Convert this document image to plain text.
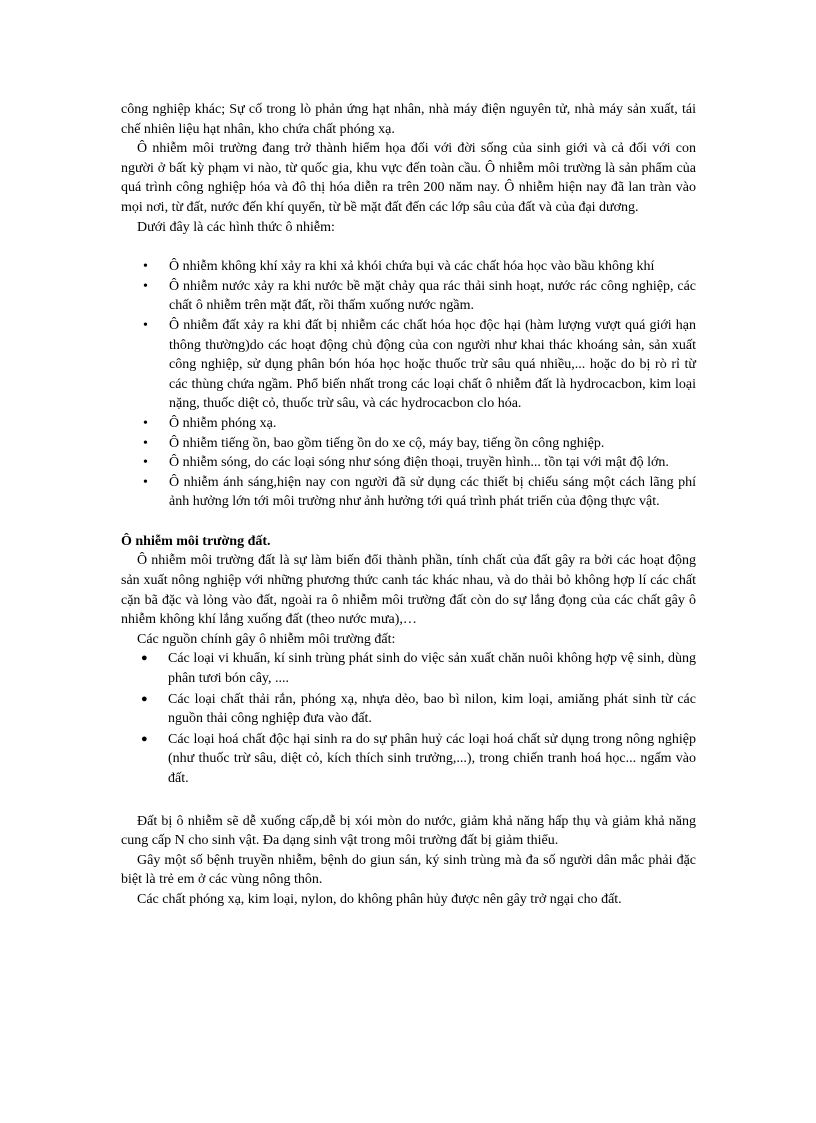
công nghiệp khác; Sự cố trong lò phản ứng hạt nhân, nhà máy điện nguyên tử, nhà máy sản xuất, tái chế nhiên liệu hạt nhân, kho chứa chất phóng xạ.

Ô nhiễm môi trường đang trở thành hiểm họa đối với đời sống của sinh giới và cả đối với con người ở bất kỳ phạm vi nào, từ quốc gia, khu vực đến toàn cầu. Ô nhiễm môi trường là sản phẩm của quá trình công nghiệp hóa và đô thị hóa diễn ra trên 200 năm nay. Ô nhiễm hiện nay đã lan tràn vào mọi nơi, từ đất, nước đến khí quyển, từ bề mặt đất đến các lớp sâu của đất và của đại dương.

Dưới đây là các hình thức ô nhiễm:

• Ô nhiễm không khí xảy ra khi xả khói chứa bụi và các chất hóa học vào bầu không khí
• Ô nhiễm nước xảy ra khi nước bề mặt chảy qua rác thải sinh hoạt, nước rác công nghiệp, các chất ô nhiễm trên mặt đất, rồi thấm xuống nước ngầm.
• Ô nhiễm đất xảy ra khi đất bị nhiễm các chất hóa học độc hại (hàm lượng vượt quá giới hạn thông thường)do các hoạt động chủ động của con người như khai thác khoáng sản, sản xuất công nghiệp, sử dụng phân bón hóa học hoặc thuốc trừ sâu quá nhiều,... hoặc do bị rò rỉ từ các thùng chứa ngầm. Phổ biến nhất trong các loại chất ô nhiễm đất là hydrocacbon, kim loại nặng, thuốc diệt cỏ, thuốc trừ sâu, và các hydrocacbon clo hóa.
• Ô nhiễm phóng xạ.
• Ô nhiễm tiếng ồn, bao gồm tiếng ồn do xe cộ, máy bay, tiếng ồn công nghiệp.
• Ô nhiễm sóng, do các loại sóng như sóng điện thoại, truyền hình... tồn tại với mật độ lớn.
• Ô nhiễm ánh sáng,hiện nay con người đã sử dụng các thiết bị chiếu sáng một cách lãng phí ảnh hưởng lớn tới môi trường như ảnh hưởng tới quá trình phát triển của động thực vật.

Ô nhiễm môi trường đất.

Ô nhiễm môi trường đất là sự làm biến đổi thành phần, tính chất của đất gây ra bởi các hoạt động sản xuất nông nghiệp với những phương thức canh tác khác nhau, và do thải bỏ không hợp lí các chất cặn bã đặc và lỏng vào đất, ngoài ra ô nhiễm môi trường đất còn do sự lắng đọng của các chất gây ô nhiễm không khí lắng xuống đất (theo nước mưa),…

Các nguồn chính gây ô nhiễm môi trường đất:

● Các loại vi khuẩn, kí sinh trùng phát sinh do việc sản xuất chăn nuôi không hợp vệ sinh, dùng phân tươi bón cây, ....
● Các loại chất thải rắn, phóng xạ, nhựa dẻo, bao bì nilon, kim loại, amiăng phát sinh từ các nguồn thải công nghiệp đưa vào đất.
● Các loại hoá chất độc hại sinh ra do sự phân huỷ các loại hoá chất sử dụng trong nông nghiệp (như thuốc trừ sâu, diệt cỏ, kích thích sinh trưởng,...), trong chiến tranh hoá học... ngấm vào đất.

Đất bị ô nhiễm sẽ dễ xuống cấp,dễ bị xói mòn do nước, giảm khả năng hấp thụ và giảm khả năng cung cấp N cho sinh vật. Đa dạng sinh vật trong môi trường đất bị giảm thiểu.

Gây một số bệnh truyền nhiễm, bệnh do giun sán, ký sinh trùng mà đa số người dân mắc phải đặc biệt là trẻ em ở các vùng nông thôn.

Các chất phóng xạ, kim loại, nylon, do không phân hủy được nên gây trở ngại cho đất.
